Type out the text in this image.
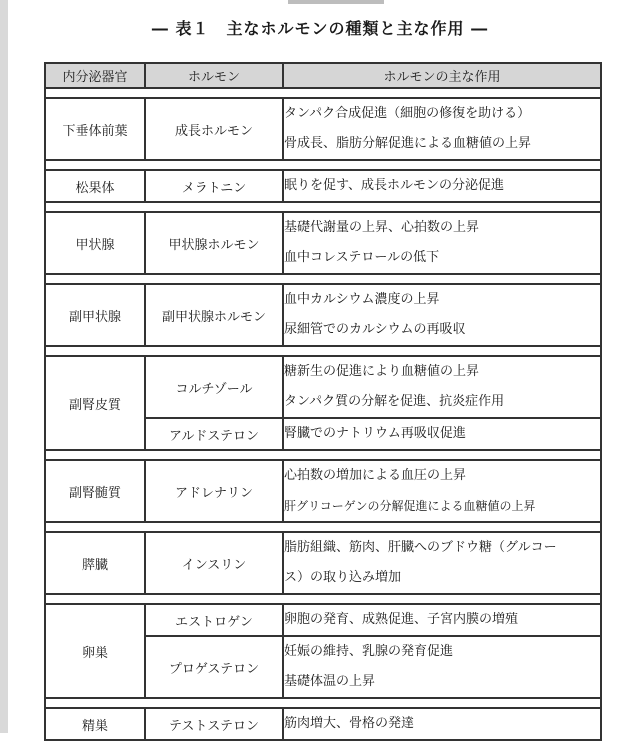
― 表１　主なホルモンの種類と主な作用 ―
内分泌器官	ホルモン	ホルモンの主な作用

下垂体前葉	成長ホルモン	タンパク合成促進（細胞の修復を助ける）
骨成長、脂肪分解促進による血糖値の上昇

松果体	メラトニン	眠りを促す、成長ホルモンの分泌促進

甲状腺	甲状腺ホルモン	基礎代謝量の上昇、心拍数の上昇
血中コレステロールの低下

副甲状腺	副甲状腺ホルモン	血中カルシウム濃度の上昇
尿細管でのカルシウムの再吸収

副腎皮質	コルチゾール	糖新生の促進により血糖値の上昇
タンパク質の分解を促進、抗炎症作用

	アルドステロン	腎臓でのナトリウム再吸収促進

副腎髄質	アドレナリン	心拍数の増加による血圧の上昇
肝グリコーゲンの分解促進による血糖値の上昇

膵臓	インスリン	脂肪組織、筋肉、肝臓へのブドウ糖（グルコー
ス）の取り込み増加

卵巣	エストロゲン	卵胞の発育、成熟促進、子宮内膜の増殖

	プロゲステロン	妊娠の維持、乳腺の発育促進
基礎体温の上昇

精巣	テストステロン	筋肉増大、骨格の発達
